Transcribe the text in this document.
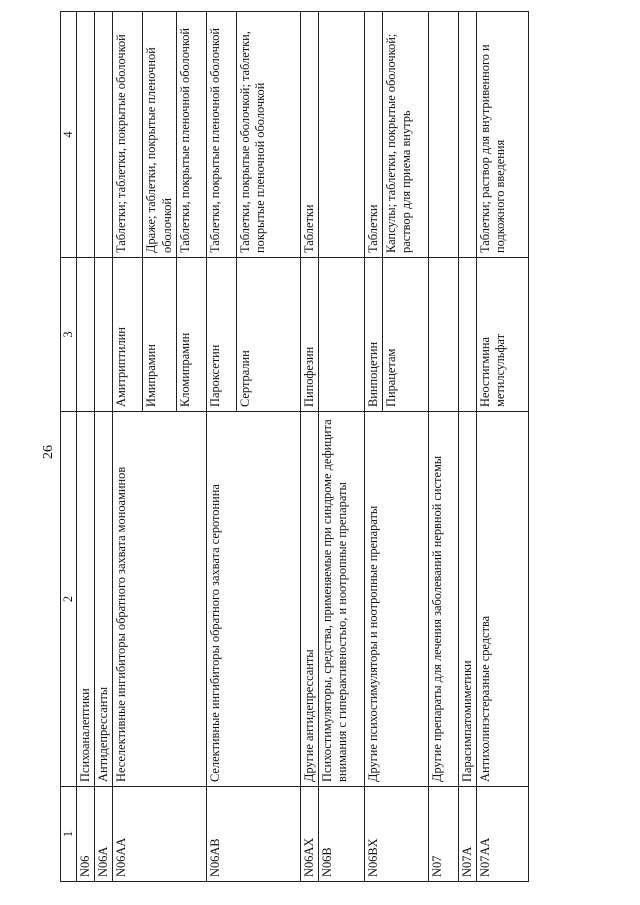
26
1	2	3	4
N06	Психоаналептики		
N06A	Антидепрессанты		
N06AA	Неселективные ингибиторы обратного захвата моноаминов	Амитриптилин	Таблетки; таблетки, покрытые оболочкой
		Имипрамин	Драже; таблетки, покрытые пленочной оболочкой
		Кломипрамин	Таблетки, покрытые пленочной оболочкой
N06AB	Селективные ингибиторы обратного захвата серотонина	Пароксетин	Таблетки, покрытые пленочной оболочкой
		Сертралин	Таблетки, покрытые оболочкой; таблетки, покрытые пленочной оболочкой
N06AX	Другие антидепрессанты	Пипофезин	Таблетки
N06B	Психостимуляторы, средства, применяемые при синдроме дефицита внимания с гиперактивностью, и ноотропные препараты		
N06BX	Другие психостимуляторы и ноотропные препараты	Винпоцетин	Таблетки
		Пирацетам	Капсулы; таблетки, покрытые оболочкой; раствор для приема внутрь
N07	Другие препараты для лечения заболеваний нервной системы		
N07A	Парасимпатомиметики		
N07AA	Антихолинэстеразные средства	Неостигмина метилсульфат	Таблетки; раствор для внутривенного и подкожного введения
